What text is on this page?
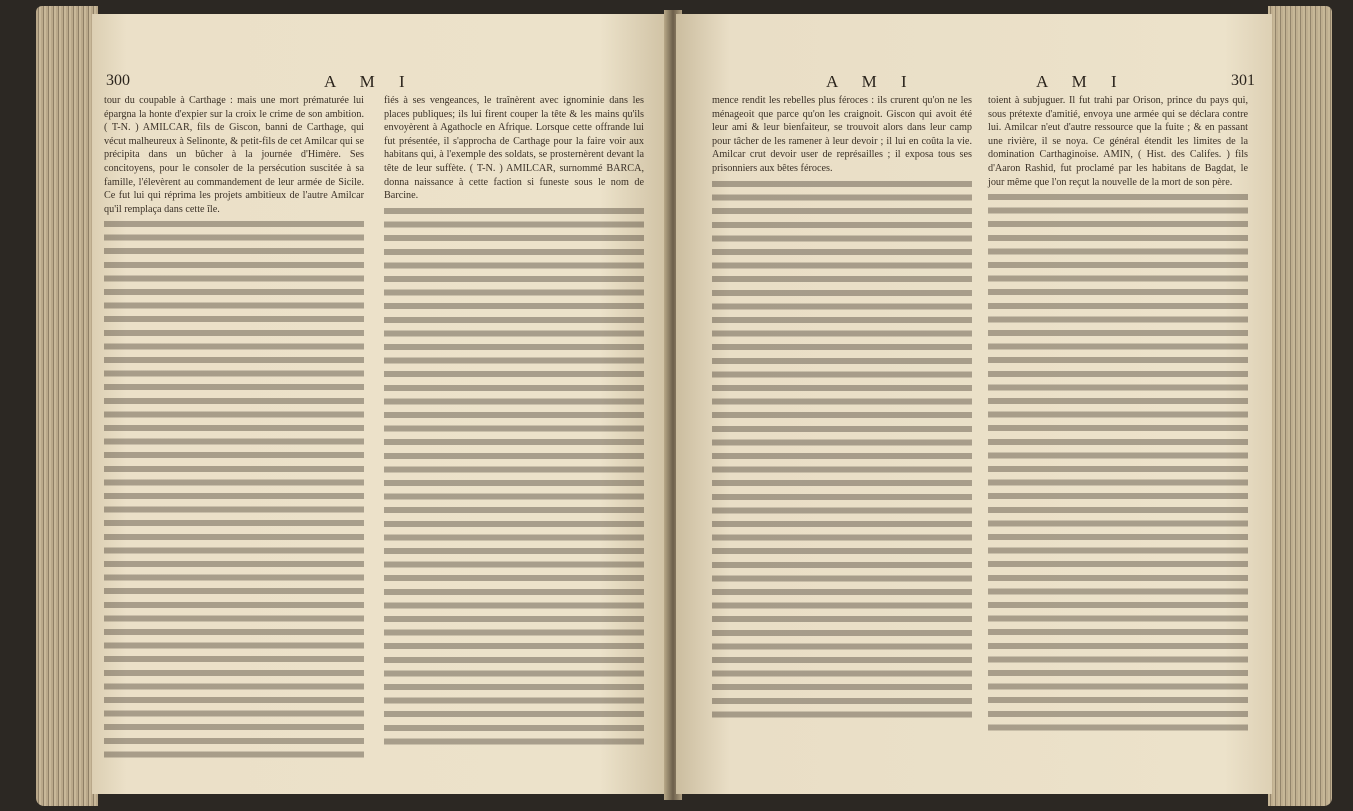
300	A M I

tour du coupable à Carthage : mais une mort prématurée lui épargna la honte d'expier sur la croix le crime de son ambition. ( T-N. ) AMILCAR, fils de Giscon, banni de Carthage, qui vécut malheureux à Selinonte, & petit-fils de cet Amilcar qui se précipita dans un bûcher à la journée d'Himère. Ses concitoyens, pour le consoler de la persécution suscitée à sa famille, l'élevèrent au commandement de leur armée de Sicile. Ce fut lui qui réprima les projets ambitieux de l'autre Amilcar qu'il remplaça dans cette île.

fiés à ses vengeances, le traînèrent avec ignominie dans les places publiques; ils lui firent couper la tête & les mains qu'ils envoyèrent à Agathocle en Afrique. Lorsque cette offrande lui fut présentée, il s'approcha de Carthage pour la faire voir aux habitans qui, à l'exemple des soldats, se prosternèrent devant la tête de leur suffète. ( T-N. ) AMILCAR, surnommé BARCA, donna naissance à cette faction si funeste sous le nom de Barcine.

A M I	A M I	301

mence rendit les rebelles plus féroces : ils crurent qu'on ne les ménageoit que parce qu'on les craignoit. Giscon qui avoit été leur ami & leur bienfaiteur, se trouvoit alors dans leur camp pour tâcher de les ramener à leur devoir ; il lui en coûta la vie. Amilcar crut devoir user de représailles ; il exposa tous ses prisonniers aux bêtes féroces.

toient à subjuguer. Il fut trahi par Orison, prince du pays qui, sous prétexte d'amitié, envoya une armée qui se déclara contre lui. Amilcar n'eut d'autre ressource que la fuite ; & en passant une rivière, il se noya. Ce général étendit les limites de la domination Carthaginoise. AMIN, ( Hist. des Califes. ) fils d'Aaron Rashid, fut proclamé par les habitans de Bagdat, le jour même que l'on reçut la nouvelle de la mort de son père.
